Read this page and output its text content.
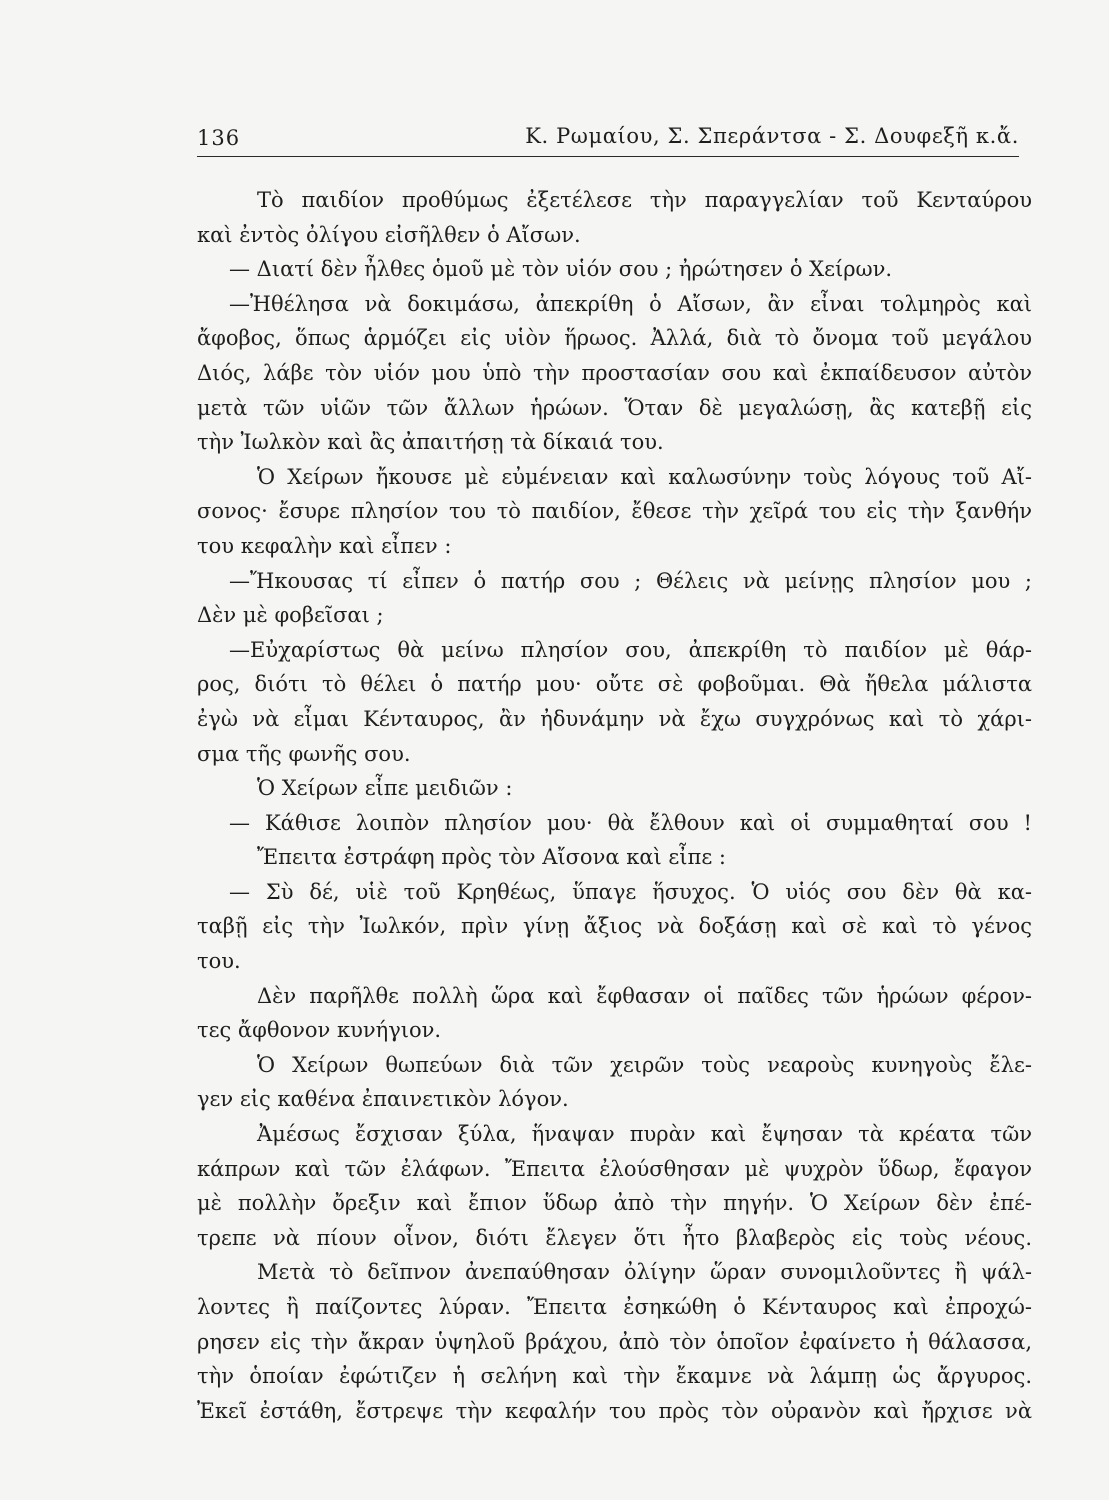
136	Κ. Ρωμαίου, Σ. Σπεράντσα - Σ. Δουφεξῆ κ.ἄ.
Τὸ παιδίον προθύμως ἐξετέλεσε τὴν παραγγελίαν τοῦ Κενταύρου
καὶ ἐντὸς ὀλίγου εἰσῆλθεν ὁ Αἴσων.
— Διατί δὲν ἦλθες ὁμοῦ μὲ τὸν υἱόν σου ; ἠρώτησεν ὁ Χείρων.
—Ἠθέλησα νὰ δοκιμάσω, ἀπεκρίθη ὁ Αἴσων, ἂν εἶναι τολμηρὸς καὶ
ἄφοβος, ὅπως ἁρμόζει εἰς υἱὸν ἥρωος. Ἀλλά, διὰ τὸ ὄνομα τοῦ μεγάλου
Διός, λάβε τὸν υἱόν μου ὑπὸ τὴν προστασίαν σου καὶ ἐκπαίδευσον αὐτὸν
μετὰ τῶν υἱῶν τῶν ἄλλων ἡρώων. Ὅταν δὲ μεγαλώσῃ, ἂς κατεβῇ εἰς
τὴν Ἰωλκὸν καὶ ἂς ἀπαιτήσῃ τὰ δίκαιά του.
Ὁ Χείρων ἤκουσε μὲ εὐμένειαν καὶ καλωσύνην τοὺς λόγους τοῦ Αἴ-
σονος· ἔσυρε πλησίον του τὸ παιδίον, ἔθεσε τὴν χεῖρά του εἰς τὴν ξανθήν
του κεφαλὴν καὶ εἶπεν :
—Ἤκουσας τί εἶπεν ὁ πατήρ σου ; Θέλεις νὰ μείνῃς πλησίον μου ;
Δὲν μὲ φοβεῖσαι ;
—Εὐχαρίστως θὰ μείνω πλησίον σου, ἀπεκρίθη τὸ παιδίον μὲ θάρ-
ρος, διότι τὸ θέλει ὁ πατήρ μου· οὔτε σὲ φοβοῦμαι. Θὰ ἤθελα μάλιστα
ἐγὼ νὰ εἶμαι Κένταυρος, ἂν ἠδυνάμην νὰ ἔχω συγχρόνως καὶ τὸ χάρι-
σμα τῆς φωνῆς σου.
Ὁ Χείρων εἶπε μειδιῶν :
— Κάθισε λοιπὸν πλησίον μου· θὰ ἔλθουν καὶ οἱ συμμαθηταί σου !
Ἔπειτα ἐστράφη πρὸς τὸν Αἴσονα καὶ εἶπε :
— Σὺ δέ, υἱὲ τοῦ Κρηθέως, ὕπαγε ἥσυχος. Ὁ υἱός σου δὲν θὰ κα-
ταβῇ εἰς τὴν Ἰωλκόν, πρὶν γίνῃ ἄξιος νὰ δοξάσῃ καὶ σὲ καὶ τὸ γένος
του.
Δὲν παρῆλθε πολλὴ ὥρα καὶ ἔφθασαν οἱ παῖδες τῶν ἡρώων φέρον-
τες ἄφθονον κυνήγιον.
Ὁ Χείρων θωπεύων διὰ τῶν χειρῶν τοὺς νεαροὺς κυνηγοὺς ἔλε-
γεν εἰς καθένα ἐπαινετικὸν λόγον.
Ἀμέσως ἔσχισαν ξύλα, ἥναψαν πυρὰν καὶ ἔψησαν τὰ κρέατα τῶν
κάπρων καὶ τῶν ἐλάφων. Ἔπειτα ἐλούσθησαν μὲ ψυχρὸν ὕδωρ, ἔφαγον
μὲ πολλὴν ὄρεξιν καὶ ἔπιον ὕδωρ ἀπὸ τὴν πηγήν. Ὁ Χείρων δὲν ἐπέ-
τρεπε νὰ πίουν οἶνον, διότι ἔλεγεν ὅτι ἦτο βλαβερὸς εἰς τοὺς νέους.
Μετὰ τὸ δεῖπνον ἀνεπαύθησαν ὀλίγην ὥραν συνομιλοῦντες ἢ ψάλ-
λοντες ἢ παίζοντες λύραν. Ἔπειτα ἐσηκώθη ὁ Κένταυρος καὶ ἐπροχώ-
ρησεν εἰς τὴν ἄκραν ὑψηλοῦ βράχου, ἀπὸ τὸν ὁποῖον ἐφαίνετο ἡ θάλασσα,
τὴν ὁποίαν ἐφώτιζεν ἡ σελήνη καὶ τὴν ἔκαμνε νὰ λάμπῃ ὡς ἄργυρος.
Ἐκεῖ ἐστάθη, ἔστρεψε τὴν κεφαλήν του πρὸς τὸν οὐρανὸν καὶ ἤρχισε νὰ
